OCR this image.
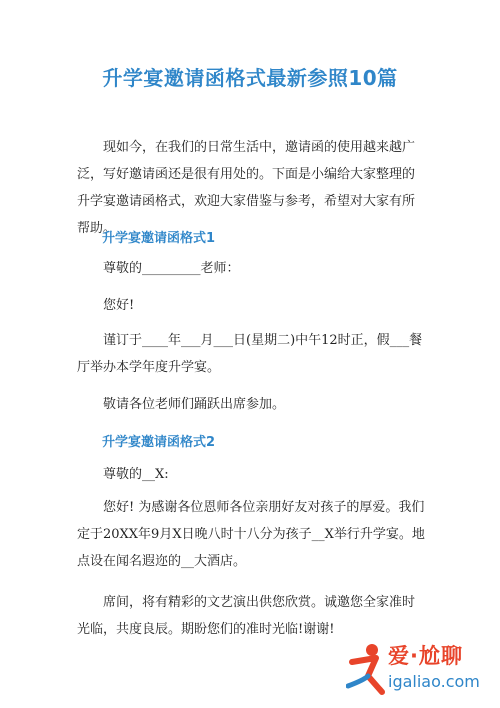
升学宴邀请函格式最新参照10篇
现如今，在我们的日常生活中，邀请函的使用越来越广泛，写好邀请函还是很有用处的。下面是小编给大家整理的升学宴邀请函格式，欢迎大家借鉴与参考，希望对大家有所帮助。
升学宴邀请函格式1
尊敬的_________老师：
您好!
谨订于____年___月___日(星期二)中午12时正，假___餐厅举办本学年度升学宴。
敬请各位老师们踊跃出席参加。
升学宴邀请函格式2
尊敬的__X:
您好! 为感谢各位恩师各位亲朋好友对孩子的厚爱。我们定于20XX年9月X日晚八时十八分为孩子__X举行升学宴。地点设在闻名遐迩的__大酒店。
席间，将有精彩的文艺演出供您欣赏。诚邀您全家准时光临，共度良辰。期盼您们的准时光临!谢谢!
爱·尬聊
igaliao.com
